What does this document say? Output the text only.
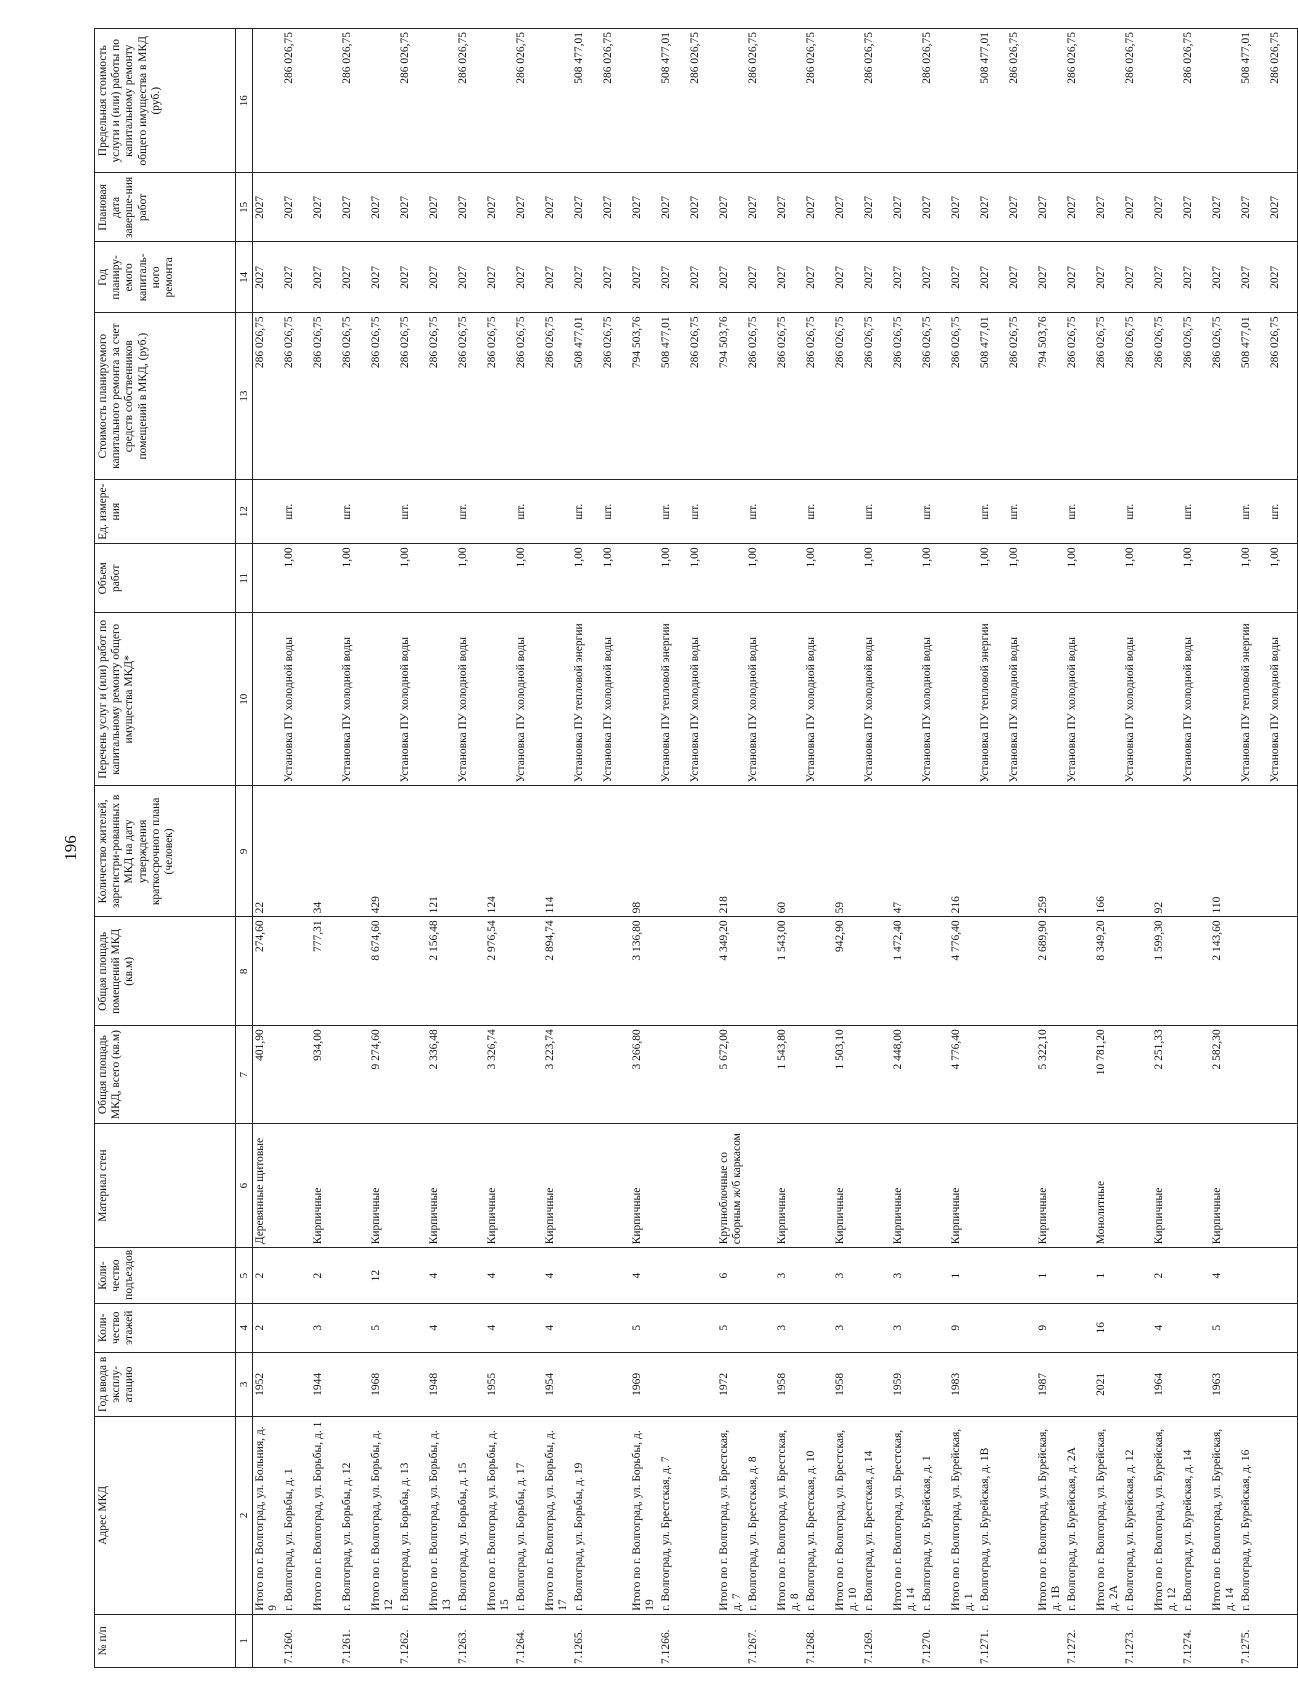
196
№ п/п	Адрес МКД	Год ввода в эксплу-атацию	Коли-чество этажей	Коли-чество подъездов	Материал стен	Общая площадь МКД, всего (кв.м)	Общая площадь помещений МКД (кв.м)	Количество жителей, зарегистри-рованных в МКД на дату утверждения краткосрочного плана (человек)	Перечень услуг и (или) работ по капитальному ремонту общего имущества МКД*	Объем работ	Ед. измере-ния	Стоимость планируемого капитального ремонта за счет средств собственников помещений в МКД, (руб.)	Год планиру-емого капиталь-ного ремонта	Плановая дата заверше-ния работ	Предельная стоимость услуги и (или) работы по капитальному ремонту общего имущества в МКД (руб.)
1	2	3	4	5	6	7	8	9	10	11	12	13	14	15	16
	Итого по г. Волгоград, ул. Больния, д. 9	1952	2	2	Деревянные щитовые	401,90	274,60	22				286 026,75	2027	2027	
7.1260.	г. Волгоград, ул. Борьбы, д. 1								Установка ПУ холодной воды	1,00	шт.	286 026,75	2027	2027	286 026,75
	Итого по г. Волгоград, ул. Борьбы, д. 1	1944	3	2	Кирпичные	934,00	777,31	34				286 026,75	2027	2027	
7.1261.	г. Волгоград, ул. Борьбы, д. 12								Установка ПУ холодной воды	1,00	шт.	286 026,75	2027	2027	286 026,75
	Итого по г. Волгоград, ул. Борьбы, д. 12	1968	5	12	Кирпичные	9 274,60	8 674,60	429				286 026,75	2027	2027	
7.1262.	г. Волгоград, ул. Борьбы, д. 13								Установка ПУ холодной воды	1,00	шт.	286 026,75	2027	2027	286 026,75
	Итого по г. Волгоград, ул. Борьбы, д. 13	1948	4	4	Кирпичные	2 336,48	2 156,48	121				286 026,75	2027	2027	
7.1263.	г. Волгоград, ул. Борьбы, д. 15								Установка ПУ холодной воды	1,00	шт.	286 026,75	2027	2027	286 026,75
	Итого по г. Волгоград, ул. Борьбы, д. 15	1955	4	4	Кирпичные	3 326,74	2 976,54	124				286 026,75	2027	2027	
7.1264.	г. Волгоград, ул. Борьбы, д. 17								Установка ПУ холодной воды	1,00	шт.	286 026,75	2027	2027	286 026,75
	Итого по г. Волгоград, ул. Борьбы, д. 17	1954	4	4	Кирпичные	3 223,74	2 894,74	114				286 026,75	2027	2027	
7.1265.	г. Волгоград, ул. Борьбы, д. 19								Установка ПУ тепловой энергии	1,00	шт.	508 477,01	2027	2027	508 477,01
									Установка ПУ холодной воды	1,00	шт.	286 026,75	2027	2027	286 026,75
	Итого по г. Волгоград, ул. Борьбы, д. 19	1969	5	4	Кирпичные	3 266,80	3 136,80	98				794 503,76	2027	2027	
7.1266.	г. Волгоград, ул. Брестская, д. 7								Установка ПУ тепловой энергии	1,00	шт.	508 477,01	2027	2027	508 477,01
									Установка ПУ холодной воды	1,00	шт.	286 026,75	2027	2027	286 026,75
	Итого по г. Волгоград, ул. Брестская, д. 7	1972	5	6	Крупноблочные со сборным ж/б каркасом	5 672,00	4 349,20	218				794 503,76	2027	2027	
7.1267.	г. Волгоград, ул. Брестская, д. 8								Установка ПУ холодной воды	1,00	шт.	286 026,75	2027	2027	286 026,75
	Итого по г. Волгоград, ул. Брестская, д. 8	1958	3	3	Кирпичные	1 543,80	1 543,00	60				286 026,75	2027	2027	
7.1268.	г. Волгоград, ул. Брестская, д. 10								Установка ПУ холодной воды	1,00	шт.	286 026,75	2027	2027	286 026,75
	Итого по г. Волгоград, ул. Брестская, д. 10	1958	3	3	Кирпичные	1 503,10	942,90	59				286 026,75	2027	2027	
7.1269.	г. Волгоград, ул. Брестская, д. 14								Установка ПУ холодной воды	1,00	шт.	286 026,75	2027	2027	286 026,75
	Итого по г. Волгоград, ул. Брестская, д. 14	1959	3	3	Кирпичные	2 448,00	1 472,40	47				286 026,75	2027	2027	
7.1270.	г. Волгоград, ул. Бурейская, д. 1								Установка ПУ холодной воды	1,00	шт.	286 026,75	2027	2027	286 026,75
	Итого по г. Волгоград, ул. Бурейская, д. 1	1983	9	1	Кирпичные	4 776,40	4 776,40	216				286 026,75	2027	2027	
7.1271.	г. Волгоград, ул. Бурейская, д. 1В								Установка ПУ тепловой энергии	1,00	шт.	508 477,01	2027	2027	508 477,01
									Установка ПУ холодной воды	1,00	шт.	286 026,75	2027	2027	286 026,75
	Итого по г. Волгоград, ул. Бурейская, д. 1В	1987	9	1	Кирпичные	5 322,10	2 689,90	259				794 503,76	2027	2027	
7.1272.	г. Волгоград, ул. Бурейская, д. 2А								Установка ПУ холодной воды	1,00	шт.	286 026,75	2027	2027	286 026,75
	Итого по г. Волгоград, ул. Бурейская, д. 2А	2021	16	1	Монолитные	10 781,20	8 349,20	166				286 026,75	2027	2027	
7.1273.	г. Волгоград, ул. Бурейская, д. 12								Установка ПУ холодной воды	1,00	шт.	286 026,75	2027	2027	286 026,75
	Итого по г. Волгоград, ул. Бурейская, д. 12	1964	4	2	Кирпичные	2 251,33	1 599,30	92				286 026,75	2027	2027	
7.1274.	г. Волгоград, ул. Бурейская, д. 14								Установка ПУ холодной воды	1,00	шт.	286 026,75	2027	2027	286 026,75
	Итого по г. Волгоград, ул. Бурейская, д. 14	1963	5	4	Кирпичные	2 582,30	2 143,60	110				286 026,75	2027	2027	
7.1275.	г. Волгоград, ул. Бурейская, д. 16								Установка ПУ тепловой энергии	1,00	шт.	508 477,01	2027	2027	508 477,01
									Установка ПУ холодной воды	1,00	шт.	286 026,75	2027	2027	286 026,75
